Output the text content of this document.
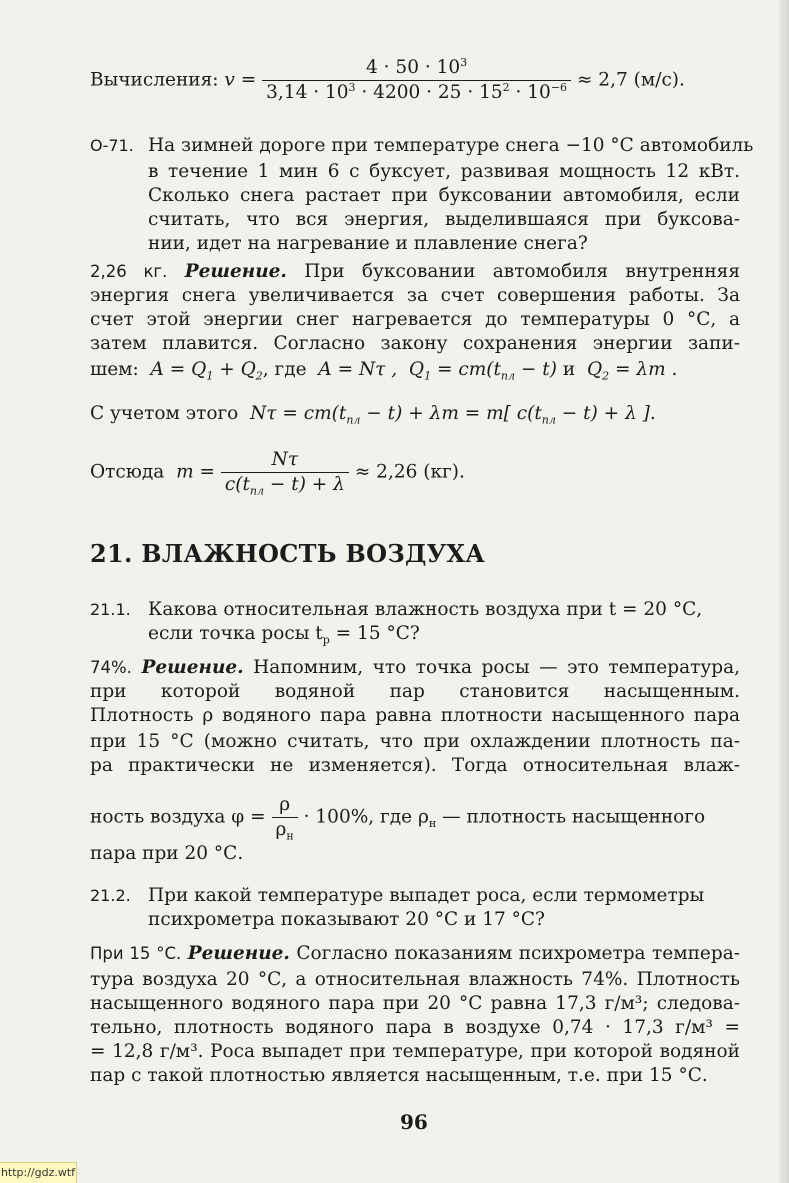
Вычисления: $v = \frac{4 \cdot 50 \cdot 10^3}{3,14 \cdot 10^3 \cdot 4200 \cdot 25 \cdot 15^2 \cdot 10^{-6}} \approx 2,7$ (м/с).
О-71. На зимней дороге при температуре снега −10 °С автомобиль
в течение 1 мин 6 с буксует, развивая мощность 12 кВт.
Сколько снега растает при буксовании автомобиля, если
считать, что вся энергия, выделившаяся при буксова-
нии, идет на нагревание и плавление снега?
2,26 кг. Решение. При буксовании автомобиля внутренняя
энергия снега увеличивается за счет совершения работы. За
счет этой энергии снег нагревается до температуры 0 °С, а
затем плавится. Согласно закону сохранения энергии запи-
шем:  $A = Q_1 + Q_2$, где  A = Nτ ,  $Q_1 = cm(t_{пл} - t)$ и  $Q_2 = \lambda m$ .
С учетом этого  $N\tau = cm(t_{пл} - t) + \lambda m = m$[ $c(t_{пл} - t) + \lambda$ ].
Отсюда  $m = \frac{N\tau}{c(t_{пл} - t) + \lambda} \approx 2,26$ (кг).
21. ВЛАЖНОСТЬ ВОЗДУХА
21.1. Какова относительная влажность воздуха при t = 20 °С,
если точка росы $t_р = 15$ °С?
74%. Решение. Напомним, что точка росы — это температура,
при которой водяной пар становится насыщенным.
Плотность ρ водяного пара равна плотности насыщенного пара
при 15 °С (можно считать, что при охлаждении плотность па-
ра практически не изменяется). Тогда относительная влаж-
ность воздуха $\varphi = \frac{\rho}{\rho_н} \cdot 100\%$, где $\rho_н$ — плотность насыщенного
пара при 20 °С.
21.2. При какой температуре выпадет роса, если термометры
психрометра показывают 20 °С и 17 °С?
При 15 °С. Решение. Согласно показаниям психрометра темпера-
тура воздуха 20 °С, а относительная влажность 74%. Плотность
насыщенного водяного пара при 20 °С равна 17,3 г/м³; следова-
тельно, плотность водяного пара в воздухе 0,74 · 17,3 г/м³ =
= 12,8 г/м³. Роса выпадет при температуре, при которой водяной
пар с такой плотностью является насыщенным, т.е. при 15 °С.
96
http://gdz.wtf
